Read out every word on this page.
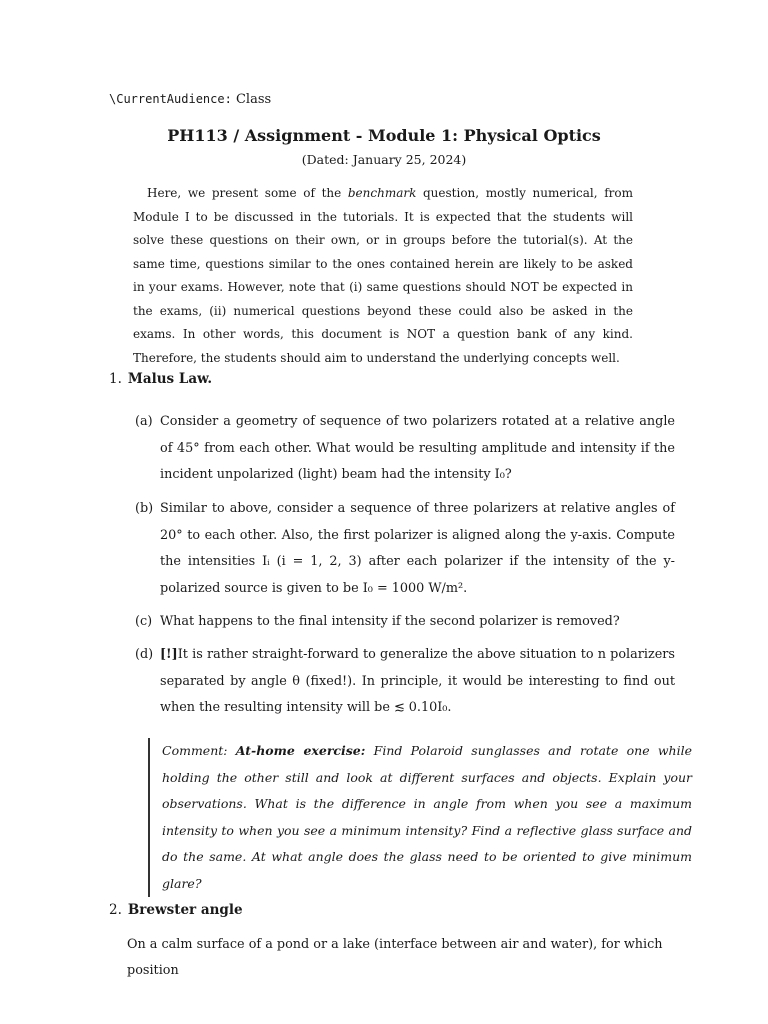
\CurrentAudience: Class
PH113 / Assignment - Module 1: Physical Optics
(Dated: January 25, 2024)

Here, we present some of the benchmark question, mostly numerical, from Module I to be discussed in the tutorials. It is expected that the students will solve these questions on their own, or in groups before the tutorial(s). At the same time, questions similar to the ones contained herein are likely to be asked in your exams. However, note that (i) same questions should NOT be expected in the exams, (ii) numerical questions beyond these could also be asked in the exams. In other words, this document is NOT a question bank of any kind. Therefore, the students should aim to understand the underlying concepts well.

1. Malus Law.
(a) Consider a geometry of sequence of two polarizers rotated at a relative angle of 45° from each other. What would be resulting amplitude and intensity if the incident unpolarized (light) beam had the intensity I₀?
(b) Similar to above, consider a sequence of three polarizers at relative angles of 20° to each other. Also, the first polarizer is aligned along the y-axis. Compute the intensities Iᵢ (i = 1, 2, 3) after each polarizer if the intensity of the y-polarized source is given to be I₀ = 1000 W/m².
(c) What happens to the final intensity if the second polarizer is removed?
(d) [!]It is rather straight-forward to generalize the above situation to n polarizers separated by angle θ (fixed!). In principle, it would be interesting to find out when the resulting intensity will be ≲ 0.10I₀.
Comment: At-home exercise: Find Polaroid sunglasses and rotate one while holding the other still and look at different surfaces and objects. Explain your observations. What is the difference in angle from when you see a maximum intensity to when you see a minimum intensity? Find a reflective glass surface and do the same. At what angle does the glass need to be oriented to give minimum glare?
2. Brewster angle
On a calm surface of a pond or a lake (interface between air and water), for which position
